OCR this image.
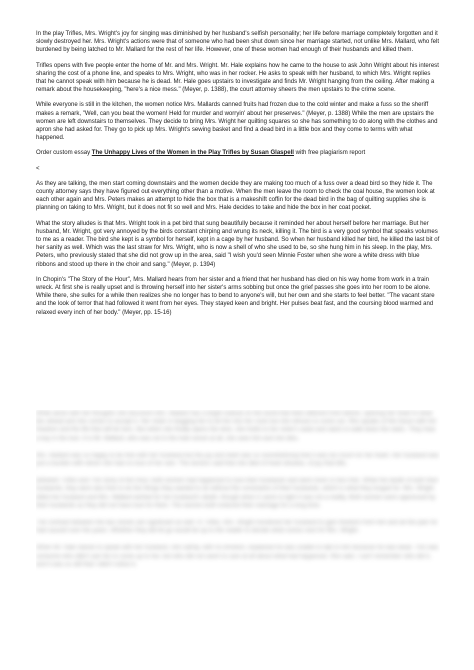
In the play Trifles, Mrs. Wright's joy for singing was diminished by her husband's selfish personality; her life before marriage completely forgotten and it slowly destroyed her. Mrs. Wright's actions were that of someone who had been shut down since her marriage started, not unlike Mrs. Mallard, who felt burdened by being latched to Mr. Mallard for the rest of her life. However, one of these women had enough of their husbands and killed them.

Trifles opens with five people enter the home of Mr. and Mrs. Wright. Mr. Hale explains how he came to the house to ask John Wright about his interest sharing the cost of a phone line, and speaks to Mrs. Wright, who was in her rocker. He asks to speak with her husband, to which Mrs. Wright replies that he cannot speak with him because he is dead. Mr. Hale goes upstairs to investigate and finds Mr. Wright hanging from the ceiling. After making a remark about the housekeeping, "here's a nice mess." (Meyer, p. 1388), the court attorney sheers the men upstairs to the crime scene.

While everyone is still in the kitchen, the women notice Mrs. Mallards canned fruits had frozen due to the cold winter and make a fuss so the sheriff makes a remark, "Well, can you beat the women! Held for murder and worryin' about her preserves." (Meyer, p. 1388) While the men are upstairs the women are left downstairs to themselves. They decide to bring Mrs. Wright her quilting squares so she has something to do along with the clothes and apron she had asked for. They go to pick up Mrs. Wright's sewing basket and find a dead bird in a little box and they come to terms with what happened.

Order custom essay The Unhappy Lives of the Women in the Play Trifles by Susan Glaspell with free plagiarism report

<

As they are talking, the men start coming downstairs and the women decide they are making too much of a fuss over a dead bird so they hide it. The county attorney says they have figured out everything other than a motive. When the men leave the room to check the coal house, the women look at each other again and Mrs. Peters makes an attempt to hide the box that is a makeshift coffin for the dead bird in the bag of quilting supplies she is planning on taking to Mrs. Wright, but it does not fit so well and Mrs. Hale decides to take and hide the box in her coat pocket.

What the story alludes is that Mrs. Wright took in a pet bird that sung beautifully because it reminded her about herself before her marriage. But her husband, Mr. Wright, got very annoyed by the birds constant chirping and wrung its neck, killing it. The bird is a very good symbol that speaks volumes to me as a reader. The bird she kept is a symbol for herself, kept in a cage by her husband. So when her husband killed her bird, he killed the last bit of her sanity as well. Which was the last straw for Mrs. Wright, who is now a shell of who she used to be, so she hung him in his sleep. In the play, Mrs. Peters, who previously stated that she did not grow up in the area, said "I wish you'd seen Minnie Foster when she wore a white dress with blue ribbons and stood up there in the choir and sang." (Meyer, p. 1394)

In Chopin's "The Story of the Hour", Mrs. Mallard hears from her sister and a friend that her husband has died on his way home from work in a train wreck. At first she is really upset and is throwing herself into her sister's arms sobbing but once the grief passes she goes into her room to be alone. While there, she sulks for a while then realizes she no longer has to bend to anyone's will, but her own and she starts to feel better. "The vacant stare and the look of terror that had followed it went from her eyes. They stayed keen and bright. Her pulses beat fast, and the coursing blood warmed and relaxed every inch of her body." (Meyer, pp. 15-16)

While alone with her thoughts she discovers Mrs. Mallard has a bright outlook on the world that feels different from before, opening her heart to what lies ahead and she comes to accept it. Her sister is begging her to let her into her room but she refuses to come out. She speaks of the future with her freedom and the life that will be hers. But when she finally opens the door, she holds to her sister's waist and starts to walk down the stairs. They hear a key in the lock. It is Mr. Mallard, who was not in the train wreck at all, she sees him and she dies.

Mrs. Mallard was so happy to be free with her husband but the joy and relief was so overwhelming that it was too much for her heart. Her husband was just a burden with whom she had no love of her own. The doctors said that she died of heart disease, of joy that kills.

Between Trifles and The Story of the Hour, both women had happened to lose their husbands and were more or less free. While the death of both their husbands, they were also free to do the things they wanted to do without the constraints of their husbands, which is what they longed for. Mrs. Wright killed her husband and Mrs. Mallard wished for her husband's death, though when it came to light it was not a reality. Both women were oppressed by their husbands as they did not have love for them. The women both endured their marriage for a long time.

The contrast between the two stories are significant as well. In Trifles, Mrs. Wright murdered her husband to gain freedom from him and all the pain he had caused over the years. Whether they did let go would be up to the reader to decide what comes next for Mrs. Wright.

When Mr. Hale stands to speak with her husband, she calmly, with no emotion, explained he was unable to talk to him because he was dead. This was someone who didn't ask her to come up to her, but who did not seem to care at all about what had happened. She said, I can't remember who did it, and it was so still that I didn't notice it.
